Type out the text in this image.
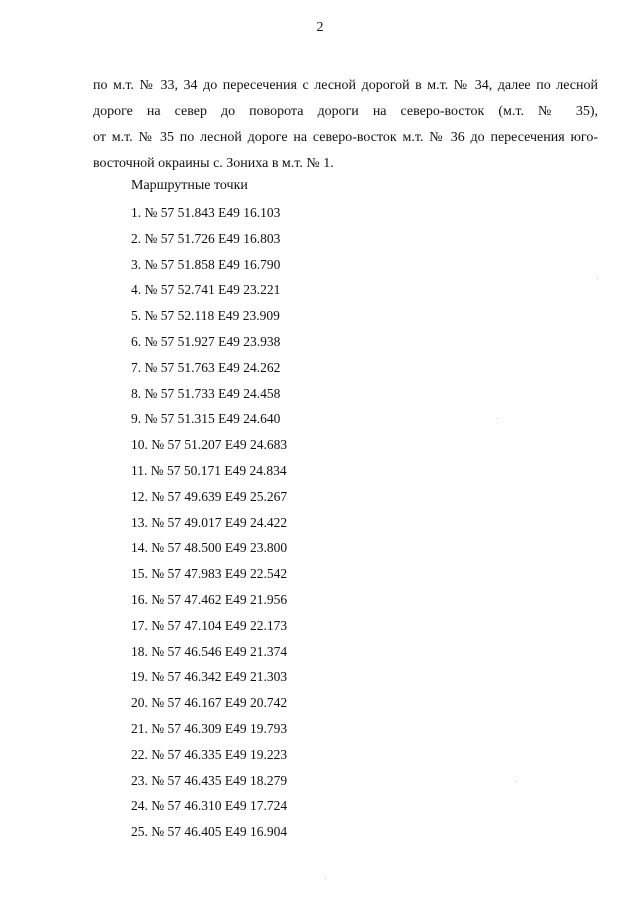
2
по м.т. № 33, 34 до пересечения с лесной дорогой в м.т. № 34, далее по лесной
дороге на север до поворота дороги на северо-восток (м.т. № 35),
от м.т. № 35 по лесной дороге на северо-восток м.т. № 36 до пересечения юго-
восточной окраины с. Зониха в м.т. № 1.
Маршрутные точки
1. № 57 51.843 Е49 16.103
2. № 57 51.726 Е49 16.803
3. № 57 51.858 Е49 16.790
4. № 57 52.741 Е49 23.221
5. № 57 52.118 Е49 23.909
6. № 57 51.927 Е49 23.938
7. № 57 51.763 Е49 24.262
8. № 57 51.733 Е49 24.458
9. № 57 51.315 Е49 24.640
10. № 57 51.207 Е49 24.683
11. № 57 50.171 Е49 24.834
12. № 57 49.639 Е49 25.267
13. № 57 49.017 Е49 24.422
14. № 57 48.500 Е49 23.800
15. № 57 47.983 Е49 22.542
16. № 57 47.462 Е49 21.956
17. № 57 47.104 Е49 22.173
18. № 57 46.546 Е49 21.374
19. № 57 46.342 Е49 21.303
20. № 57 46.167 Е49 20.742
21. № 57 46.309 Е49 19.793
22. № 57 46.335 Е49 19.223
23. № 57 46.435 Е49 18.279
24. № 57 46.310 Е49 17.724
25. № 57 46.405 Е49 16.904
